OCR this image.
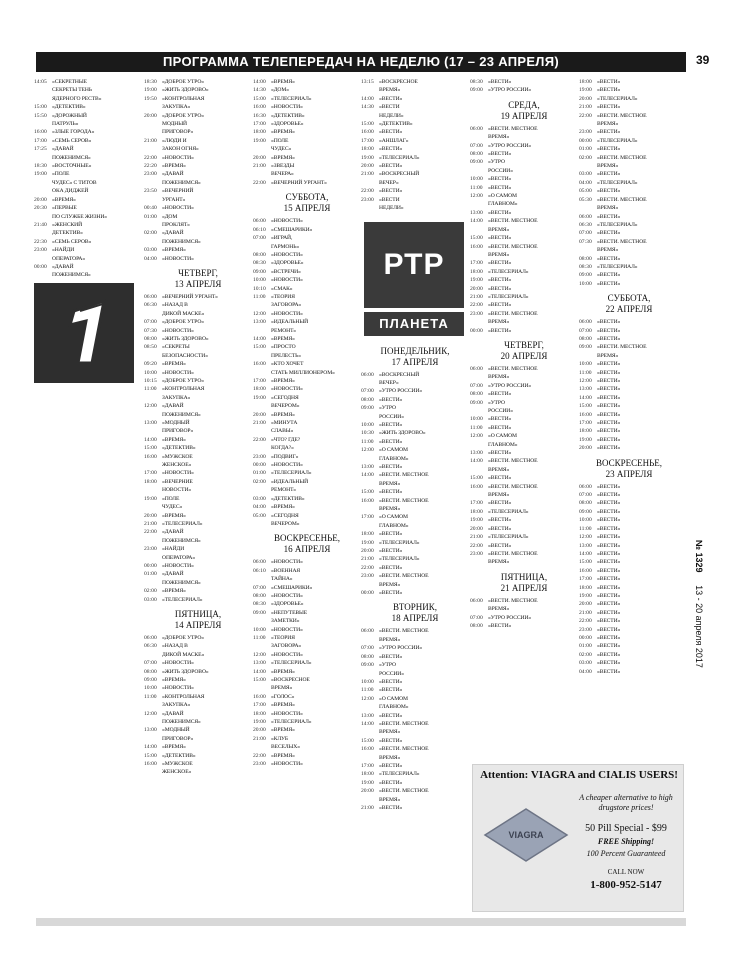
ПРОГРАММА ТЕЛЕПЕРЕДАЧ НА НЕДЕЛЮ (17 – 23 АПРЕЛЯ)	39
14:05 «СЕКРЕТНЫЕ
СЕКРЕТЫ ТЕНЬ
ЯДЕРНОГО РЕСТВ»
15:00 «ДЕТЕКТИВ»
15:50 «ДОРОЖНЫЙ
ПАТРУЛЬ»
16:00 «ЗЛЫЕ ГОРОДА»
17:00 «СЕМЬ СЕРОВ»
17:25 «ДАВАЙ
ПОЖЕНИМСЯ»
18:30 «ВОСТОЧНЫЕ»
19:00 «ПОЛЕ
ЧУДЕС» С ТИТОВ
ОКА ДИДЖЕЙ
20:00 «ВРЕМЯ»
20:30 «ПЕРВЫЕ
ПО СЛУЖБЕ ЖИЗНИ»
21:40 «ЖЕНСКИЙ
ДЕТЕКТИВ»
22:30 «СЕМЬ СЕРОВ»
23:00 «НАЙДИ
ОПЕРАТОРА»
00:00 «ДАВАЙ
ПОЖЕНИМСЯ»
18:30 «ДОБРОЕ УТРО»
19:00 «ЖИТЬ ЗДОРОВО»
19:50 «КОНТРОЛЬНАЯ
ЗАКУПКА»
20:00 «ДОБРОЕ УТРО»
МОДНЫЙ
ПРИГОВОР»
21:00 «ЛЮДИ И
ЗАКОН ОГНЯ»
22:00 «НОВОСТИ»
22:20 «ВРЕМЯ»
23:00 «ДАВАЙ
ПОЖЕНИМСЯ»
23:50 «ВЕЧЕРНИЙ
УРГАНТ»
00:40 «НОВОСТИ»
01:00 «ДОМ
ПРОКЛЯТ»
02:00 «ДАВАЙ
ПОЖЕНИМСЯ»
03:00 «ВРЕМЯ»
04:00 «НОВОСТИ»
ЧЕТВЕРГ,
13 АПРЕЛЯ
06:00 «ВЕЧЕРНИЙ УРГАНТ»
06:30 «НАЗАД В
ДИКОЙ МАСКЕ»
07:00 «ДОБРОЕ УТРО»
07:30 «НОВОСТИ»
08:00 «ЖИТЬ ЗДОРОВО»
08:50 «СЕКРЕТЫ
БЕЗОПАСНОСТИ»
09:20 «ВРЕМЯ»
10:00 «НОВОСТИ»
10:15 «ДОБРОЕ УТРО»
11:00 «КОНТРОЛЬНАЯ
ЗАКУПКА»
12:00 «ДАВАЙ
ПОЖЕНИМСЯ»
13:00 «МОДНЫЙ
ПРИГОВОР»
14:00 «ВРЕМЯ»
15:00 «ДЕТЕКТИВ»
16:00 «МУЖСКОЕ
ЖЕНСКОЕ»
17:00 «НОВОСТИ»
18:00 «ВЕЧЕРНИЕ
НОВОСТИ»
19:00 «ПОЛЕ
ЧУДЕС»
20:00 «ВРЕМЯ»
21:00 «ТЕЛЕСЕРИАЛ»
22:00 «ДАВАЙ
ПОЖЕНИМСЯ»
23:00 «НАЙДИ
ОПЕРАТОРА»
00:00 «НОВОСТИ»
01:00 «ДАВАЙ
ПОЖЕНИМСЯ»
02:00 «ВРЕМЯ»
03:00 «ТЕЛЕСЕРИАЛ»
ПЯТНИЦА,
14 АПРЕЛЯ
06:00 «ДОБРОЕ УТРО»
06:30 «НАЗАД В
ДИКОЙ МАСКЕ»
07:00 «НОВОСТИ»
08:00 «ЖИТЬ ЗДОРОВО»
09:00 «ВРЕМЯ»
10:00 «НОВОСТИ»
11:00 «КОНТРОЛЬНАЯ
ЗАКУПКА»
12:00 «ДАВАЙ
ПОЖЕНИМСЯ»
13:00 «МОДНЫЙ
ПРИГОВОР»
14:00 «ВРЕМЯ»
15:00 «ДЕТЕКТИВ»
16:00 «МУЖСКОЕ
ЖЕНСКОЕ»
14:00 «ВРЕМЯ»
14:30 «ДОМ»
15:00 «ТЕЛЕСЕРИАЛ»
16:00 «НОВОСТИ»
16:30 «ДЕТЕКТИВ»
17:00 «ЗДОРОВЬЕ»
18:00 «ВРЕМЯ»
19:00 «ПОЛЕ
ЧУДЕС»
20:00 «ВРЕМЯ»
21:00 «ЗВЕЗДЫ
ВЕЧЕРА»
22:00 «ВЕЧЕРНИЙ УРГАНТ»
СУББОТА,
15 АПРЕЛЯ
06:00 «НОВОСТИ»
06:10 «СМЕШАРИКИ»
07:00 «ИГРАЙ,
ГАРМОНЬ»
08:00 «НОВОСТИ»
08:30 «ЗДОРОВЬЕ»
09:00 «ВСТРЕЧИ»
10:00 «НОВОСТИ»
10:10 «СМАК»
11:00 «ТЕОРИЯ
ЗАГОВОРА»
12:00 «НОВОСТИ»
13:00 «ИДЕАЛЬНЫЙ
РЕМОНТ»
14:00 «ВРЕМЯ»
15:00 «ПРОСТО
ПРЕЛЕСТЬ»
16:00 «КТО ХОЧЕТ
СТАТЬ МИЛЛИОНЕРОМ»
17:00 «ВРЕМЯ»
18:00 «НОВОСТИ»
19:00 «СЕГОДНЯ
ВЕЧЕРОМ»
20:00 «ВРЕМЯ»
21:00 «МИНУТА
СЛАВЫ»
22:00 «ЧТО? ГДЕ?
КОГДА?»
23:00 «ПОДВИГ»
00:00 «НОВОСТИ»
01:00 «ТЕЛЕСЕРИАЛ»
02:00 «ИДЕАЛЬНЫЙ
РЕМОНТ»
03:00 «ДЕТЕКТИВ»
04:00 «ВРЕМЯ»
05:00 «СЕГОДНЯ
ВЕЧЕРОМ»
ВОСКРЕСЕНЬЕ,
16 АПРЕЛЯ
06:00 «НОВОСТИ»
06:10 «ВОЕННАЯ
ТАЙНА»
07:00 «СМЕШАРИКИ»
08:00 «НОВОСТИ»
08:30 «ЗДОРОВЬЕ»
09:00 «НЕПУТЕВЫЕ
ЗАМЕТКИ»
10:00 «НОВОСТИ»
11:00 «ТЕОРИЯ
ЗАГОВОРА»
12:00 «НОВОСТИ»
13:00 «ТЕЛЕСЕРИАЛ»
14:00 «ВРЕМЯ»
15:00 «ВОСКРЕСНОЕ
ВРЕМЯ»
16:00 «ГОЛОС»
17:00 «ВРЕМЯ»
18:00 «НОВОСТИ»
19:00 «ТЕЛЕСЕРИАЛ»
20:00 «ВРЕМЯ»
21:00 «КЛУБ
ВЕСЕЛЫХ»
22:00 «ВРЕМЯ»
23:00 «НОВОСТИ»
13:15 «ВОСКРЕСНОЕ
ВРЕМЯ»
14:00 «ВЕСТИ»
14:30 «ВЕСТИ
НЕДЕЛИ»
15:00 «ДЕТЕКТИВ»
16:00 «ВЕСТИ»
17:00 «АНШЛАГ»
18:00 «ВЕСТИ»
19:00 «ТЕЛЕСЕРИАЛ»
20:00 «ВЕСТИ»
21:00 «ВОСКРЕСНЫЙ
ВЕЧЕР»
22:00 «ВЕСТИ»
23:00 «ВЕСТИ
НЕДЕЛИ»
ПОНЕДЕЛЬНИК,
17 АПРЕЛЯ
06:00 «ВОСКРЕСНЫЙ
ВЕЧЕР»
07:00 «УТРО РОССИИ»
08:00 «ВЕСТИ»
09:00 «УТРО
РОССИИ»
10:00 «ВЕСТИ»
10:30 «ЖИТЬ ЗДОРОВО»
11:00 «ВЕСТИ»
12:00 «О САМОМ
ГЛАВНОМ»
13:00 «ВЕСТИ»
14:00 «ВЕСТИ. МЕСТНОЕ
ВРЕМЯ»
15:00 «ВЕСТИ»
16:00 «ВЕСТИ. МЕСТНОЕ
ВРЕМЯ»
17:00 «О САМОМ
ГЛАВНОМ»
18:00 «ВЕСТИ»
19:00 «ТЕЛЕСЕРИАЛ»
20:00 «ВЕСТИ»
21:00 «ТЕЛЕСЕРИАЛ»
22:00 «ВЕСТИ»
23:00 «ВЕСТИ. МЕСТНОЕ
ВРЕМЯ»
00:00 «ВЕСТИ»
ВТОРНИК,
18 АПРЕЛЯ
06:00 «ВЕСТИ. МЕСТНОЕ
ВРЕМЯ»
07:00 «УТРО РОССИИ»
08:00 «ВЕСТИ»
09:00 «УТРО
РОССИИ»
10:00 «ВЕСТИ»
11:00 «ВЕСТИ»
12:00 «О САМОМ
ГЛАВНОМ»
13:00 «ВЕСТИ»
14:00 «ВЕСТИ. МЕСТНОЕ
ВРЕМЯ»
15:00 «ВЕСТИ»
16:00 «ВЕСТИ. МЕСТНОЕ
ВРЕМЯ»
17:00 «ВЕСТИ»
18:00 «ТЕЛЕСЕРИАЛ»
19:00 «ВЕСТИ»
20:00 «ВЕСТИ. МЕСТНОЕ
ВРЕМЯ»
21:00 «ВЕСТИ»
08:30 «ВЕСТИ»
09:00 «УТРО РОССИИ»
СРЕДА,
19 АПРЕЛЯ
06:00 «ВЕСТИ. МЕСТНОЕ
ВРЕМЯ»
07:00 «УТРО РОССИИ»
08:00 «ВЕСТИ»
09:00 «УТРО
РОССИИ»
10:00 «ВЕСТИ»
11:00 «ВЕСТИ»
12:00 «О САМОМ
ГЛАВНОМ»
13:00 «ВЕСТИ»
14:00 «ВЕСТИ. МЕСТНОЕ
ВРЕМЯ»
15:00 «ВЕСТИ»
16:00 «ВЕСТИ. МЕСТНОЕ
ВРЕМЯ»
17:00 «ВЕСТИ»
18:00 «ТЕЛЕСЕРИАЛ»
19:00 «ВЕСТИ»
20:00 «ВЕСТИ»
21:00 «ТЕЛЕСЕРИАЛ»
22:00 «ВЕСТИ»
23:00 «ВЕСТИ. МЕСТНОЕ
ВРЕМЯ»
00:00 «ВЕСТИ»
ЧЕТВЕРГ,
20 АПРЕЛЯ
06:00 «ВЕСТИ. МЕСТНОЕ
ВРЕМЯ»
07:00 «УТРО РОССИИ»
08:00 «ВЕСТИ»
09:00 «УТРО
РОССИИ»
10:00 «ВЕСТИ»
11:00 «ВЕСТИ»
12:00 «О САМОМ
ГЛАВНОМ»
13:00 «ВЕСТИ»
14:00 «ВЕСТИ. МЕСТНОЕ
ВРЕМЯ»
15:00 «ВЕСТИ»
16:00 «ВЕСТИ. МЕСТНОЕ
ВРЕМЯ»
17:00 «ВЕСТИ»
18:00 «ТЕЛЕСЕРИАЛ»
19:00 «ВЕСТИ»
20:00 «ВЕСТИ»
21:00 «ТЕЛЕСЕРИАЛ»
22:00 «ВЕСТИ»
23:00 «ВЕСТИ. МЕСТНОЕ
ВРЕМЯ»
ПЯТНИЦА,
21 АПРЕЛЯ
06:00 «ВЕСТИ. МЕСТНОЕ
ВРЕМЯ»
07:00 «УТРО РОССИИ»
08:00 «ВЕСТИ»
18:00 «ВЕСТИ»
19:00 «ВЕСТИ»
20:00 «ТЕЛЕСЕРИАЛ»
21:00 «ВЕСТИ»
22:00 «ВЕСТИ. МЕСТНОЕ
ВРЕМЯ»
23:00 «ВЕСТИ»
00:00 «ТЕЛЕСЕРИАЛ»
01:00 «ВЕСТИ»
02:00 «ВЕСТИ. МЕСТНОЕ
ВРЕМЯ»
03:00 «ВЕСТИ»
04:00 «ТЕЛЕСЕРИАЛ»
05:00 «ВЕСТИ»
05:30 «ВЕСТИ. МЕСТНОЕ
ВРЕМЯ»
06:00 «ВЕСТИ»
06:30 «ТЕЛЕСЕРИАЛ»
07:00 «ВЕСТИ»
07:30 «ВЕСТИ. МЕСТНОЕ
ВРЕМЯ»
08:00 «ВЕСТИ»
08:30 «ТЕЛЕСЕРИАЛ»
09:00 «ВЕСТИ»
10:00 «ВЕСТИ»
СУББОТА,
22 АПРЕЛЯ
06:00 «ВЕСТИ»
07:00 «ВЕСТИ»
08:00 «ВЕСТИ»
09:00 «ВЕСТИ. МЕСТНОЕ
ВРЕМЯ»
10:00 «ВЕСТИ»
11:00 «ВЕСТИ»
12:00 «ВЕСТИ»
13:00 «ВЕСТИ»
14:00 «ВЕСТИ»
15:00 «ВЕСТИ»
16:00 «ВЕСТИ»
17:00 «ВЕСТИ»
18:00 «ВЕСТИ»
19:00 «ВЕСТИ»
20:00 «ВЕСТИ»
ВОСКРЕСЕНЬЕ,
23 АПРЕЛЯ
06:00 «ВЕСТИ»
07:00 «ВЕСТИ»
08:00 «ВЕСТИ»
09:00 «ВЕСТИ»
10:00 «ВЕСТИ»
11:00 «ВЕСТИ»
12:00 «ВЕСТИ»
13:00 «ВЕСТИ»
14:00 «ВЕСТИ»
15:00 «ВЕСТИ»
16:00 «ВЕСТИ»
17:00 «ВЕСТИ»
18:00 «ВЕСТИ»
19:00 «ВЕСТИ»
20:00 «ВЕСТИ»
21:00 «ВЕСТИ»
22:00 «ВЕСТИ»
23:00 «ВЕСТИ»
00:00 «ВЕСТИ»
01:00 «ВЕСТИ»
02:00 «ВЕСТИ»
03:00 «ВЕСТИ»
04:00 «ВЕСТИ»
РТР
ПЛАНЕТА
Attention: VIAGRA and CIALIS USERS!
VIAGRA
A cheaper alternative to high drugstore prices!
50 Pill Special - $99
FREE Shipping!
100 Percent Guaranteed
CALL NOW
1-800-952-5147
№ 1329 13 - 20 апреля 2017
